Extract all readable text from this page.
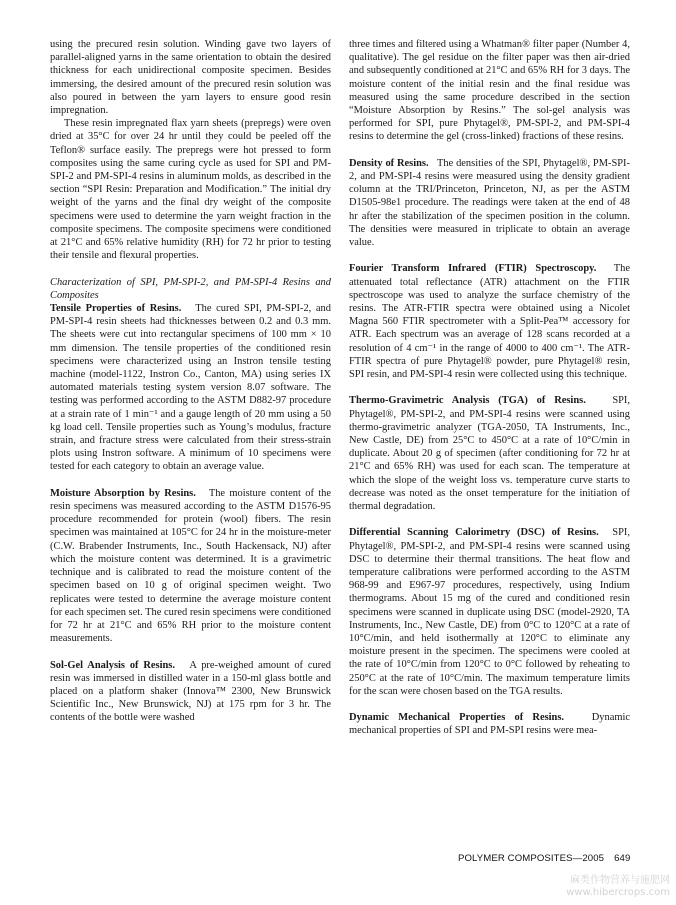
using the precured resin solution. Winding gave two layers of parallel-aligned yarns in the same orientation to obtain the desired thickness for each unidirectional composite specimen. Besides immersing, the desired amount of the precured resin solution was also poured in between the yarn layers to ensure good resin impregnation.

These resin impregnated flax yarn sheets (prepregs) were oven dried at 35°C for over 24 hr until they could be peeled off the Teflon® surface easily. The prepregs were hot pressed to form composites using the same curing cycle as used for SPI and PM-SPI-2 and PM-SPI-4 resins in aluminum molds, as described in the section “SPI Resin: Preparation and Modification.” The initial dry weight of the yarns and the final dry weight of the composite specimens were used to determine the yarn weight fraction in the composite specimens. The composite specimens were conditioned at 21°C and 65% relative humidity (RH) for 72 hr prior to testing their tensile and flexural properties.

Characterization of SPI, PM-SPI-2, and PM-SPI-4 Resins and Composites

Tensile Properties of Resins. The cured SPI, PM-SPI-2, and PM-SPI-4 resin sheets had thicknesses between 0.2 and 0.3 mm. The sheets were cut into rectangular specimens of 100 mm × 10 mm dimension. The tensile properties of the conditioned resin specimens were characterized using an Instron tensile testing machine (model-1122, Instron Co., Canton, MA) using series IX automated materials testing system version 8.07 software. The testing was performed according to the ASTM D882-97 procedure at a strain rate of 1 min⁻¹ and a gauge length of 20 mm using a 50 kg load cell. Tensile properties such as Young’s modulus, fracture strain, and fracture stress were calculated from their stress-strain plots using Instron software. A minimum of 10 specimens were tested for each category to obtain an average value.

Moisture Absorption by Resins. The moisture content of the resin specimens was measured according to the ASTM D1576-95 procedure recommended for protein (wool) fibers. The resin specimen was maintained at 105°C for 24 hr in the moisture-meter (C.W. Brabender Instruments, Inc., South Hackensack, NJ) after which the moisture content was determined. It is a gravimetric technique and is calibrated to read the moisture content of the specimen based on 10 g of original specimen weight. Two replicates were tested to determine the average moisture content for each specimen set. The cured resin specimens were conditioned for 72 hr at 21°C and 65% RH prior to the moisture content measurements.

Sol-Gel Analysis of Resins. A pre-weighed amount of cured resin was immersed in distilled water in a 150-ml glass bottle and placed on a platform shaker (Innova™ 2300, New Brunswick Scientific Inc., New Brunswick, NJ) at 175 rpm for 3 hr. The contents of the bottle were washed

three times and filtered using a Whatman® filter paper (Number 4, qualitative). The gel residue on the filter paper was then air-dried and subsequently conditioned at 21°C and 65% RH for 3 days. The moisture content of the initial resin and the final residue was measured using the same procedure described in the section “Moisture Absorption by Resins.” The sol-gel analysis was performed for SPI, pure Phytagel®, PM-SPI-2, and PM-SPI-4 resins to determine the gel (cross-linked) fractions of these resins.

Density of Resins. The densities of the SPI, Phytagel®, PM-SPI-2, and PM-SPI-4 resins were measured using the density gradient column at the TRI/Princeton, Princeton, NJ, as per the ASTM D1505-98e1 procedure. The readings were taken at the end of 48 hr after the stabilization of the specimen position in the column. The densities were measured in triplicate to obtain an average value.

Fourier Transform Infrared (FTIR) Spectroscopy. The attenuated total reflectance (ATR) attachment on the FTIR spectroscope was used to analyze the surface chemistry of the resins. The ATR-FTIR spectra were obtained using a Nicolet Magna 560 FTIR spectrometer with a Split-Pea™ accessory for ATR. Each spectrum was an average of 128 scans recorded at a resolution of 4 cm⁻¹ in the range of 4000 to 400 cm⁻¹. The ATR-FTIR spectra of pure Phytagel® powder, pure Phytagel® resin, SPI resin, and PM-SPI-4 resin were collected using this technique.

Thermo-Gravimetric Analysis (TGA) of Resins.	SPI, Phytagel®, PM-SPI-2, and PM-SPI-4 resins were scanned using thermo-gravimetric analyzer (TGA-2050, TA Instruments, Inc., New Castle, DE) from 25°C to 450°C at a rate of 10°C/min in duplicate. About 20 g of specimen (after conditioning for 72 hr at 21°C and 65% RH) was used for each scan. The temperature at which the slope of the weight loss vs. temperature curve starts to decrease was noted as the onset temperature for the initiation of thermal degradation.

Differential Scanning Calorimetry (DSC) of Resins. SPI, Phytagel®, PM-SPI-2, and PM-SPI-4 resins were scanned using DSC to determine their thermal transitions. The heat flow and temperature calibrations were performed according to the ASTM 968-99 and E967-97 procedures, respectively, using Indium thermograms. About 15 mg of the cured and conditioned resin specimens were scanned in duplicate using DSC (model-2920, TA Instruments, Inc., New Castle, DE) from 0°C to 120°C at a rate of 10°C/min, and held isothermally at 120°C to eliminate any moisture present in the specimen. The specimens were cooled at the rate of 10°C/min from 120°C to 0°C followed by reheating to 250°C at the rate of 10°C/min. The maximum temperature limits for the scan were chosen based on the TGA results.

Dynamic Mechanical Properties of Resins.	Dynamic mechanical properties of SPI and PM-SPI resins were mea-

POLYMER COMPOSITES—2005 649
麻类作物营养与施肥网
www.hibercrops.com
